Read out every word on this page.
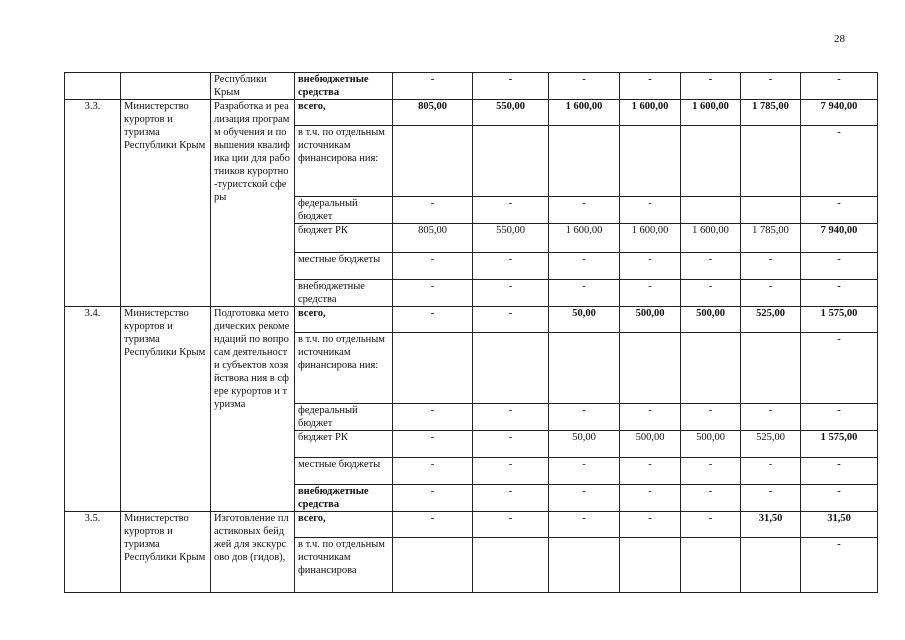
28
		Республики Крым	внебюджетные средства	-	-	-	-	-	-	-
3.3.	Министерство курортов и туризма Республики Крым	Разработка и реализация программ обучения и повышения квалифика ции для работников курортно-туристской сферы	всего,	805,00	550,00	1 600,00	1 600,00	1 600,00	1 785,00	7 940,00
			в т.ч. по отдельным источникам финансирова ния:							-
			федеральный бюджет	-	-	-	-			-
			бюджет РК	805,00	550,00	1 600,00	1 600,00	1 600,00	1 785,00	7 940,00
			местные бюджеты	-	-	-	-	-	-	-
			внебюджетные средства	-	-	-	-	-	-	-
3.4.	Министерство курортов и туризма Республики Крым	Подготовка методических рекомендаций по вопросам деятельности субъектов хозяйствова ния в сфере курортов и туризма	всего,	-	-	50,00	500,00	500,00	525,00	1 575,00
			в т.ч. по отдельным источникам финансирова ния:							-
			федеральный бюджет	-	-	-	-	-	-	-
			бюджет РК	-	-	50,00	500,00	500,00	525,00	1 575,00
			местные бюджеты	-	-	-	-	-	-	-
			внебюджетные средства	-	-	-	-	-	-	-
3.5.	Министерство курортов и туризма Республики Крым	Изготовление пластиковых бейджей для экскурсово дов (гидов),	всего,	-	-	-	-	-	31,50	31,50
			в т.ч. по отдельным источникам финансирова							-
